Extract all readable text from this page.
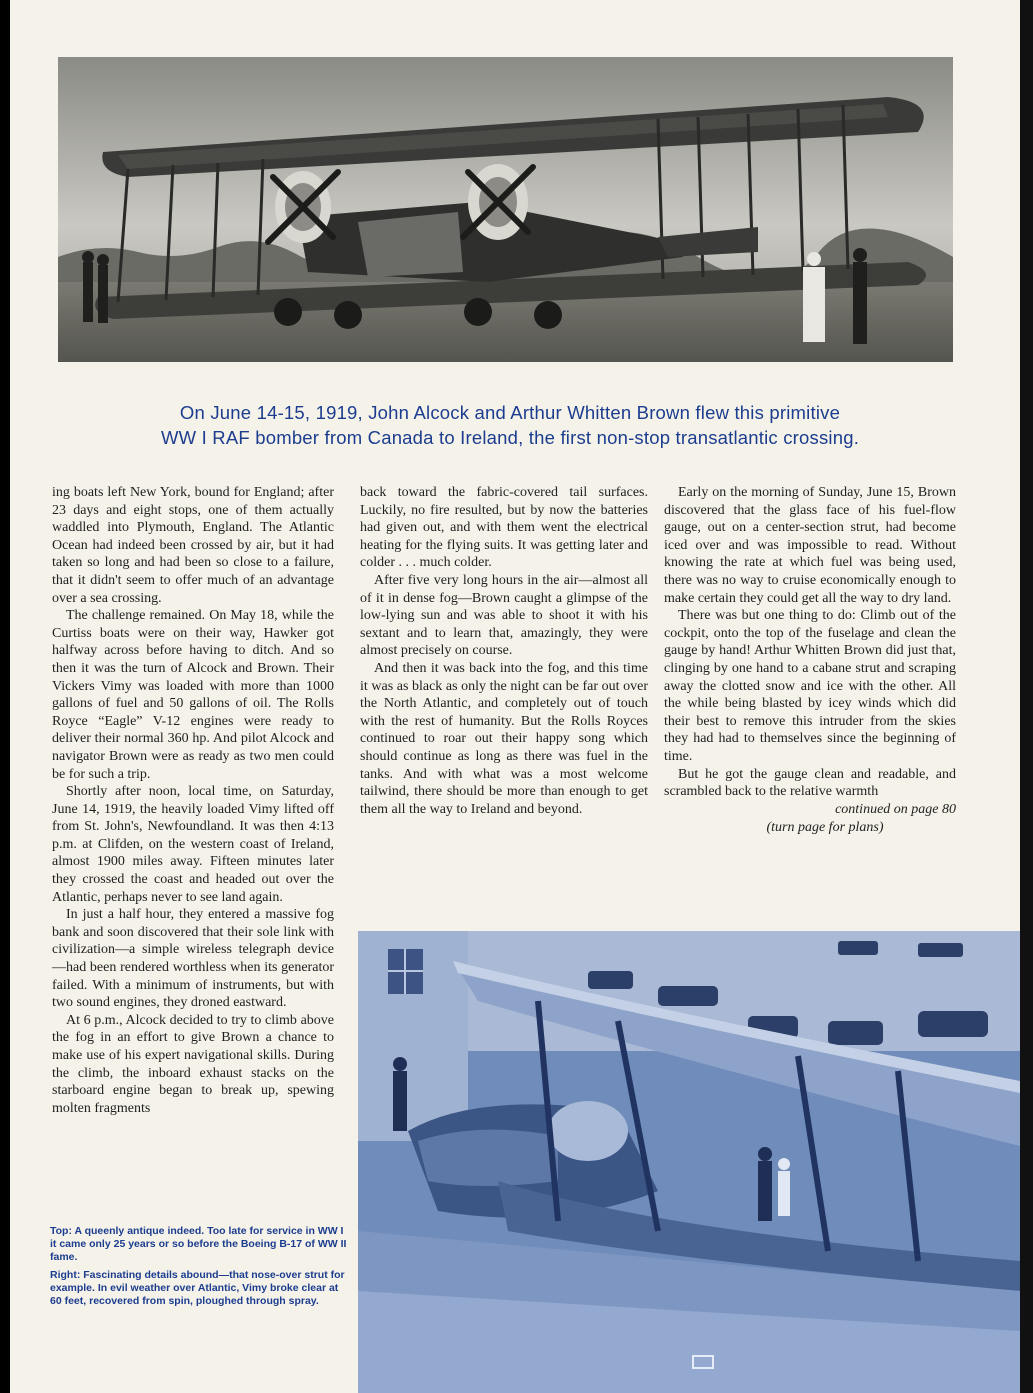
On June 14-15, 1919, John Alcock and Arthur Whitten Brown flew this primitive
WW I RAF bomber from Canada to Ireland, the first non-stop transatlantic crossing.

ing boats left New York, bound for England; after 23 days and eight stops, one of them actually waddled into Plymouth, England. The Atlantic Ocean had indeed been crossed by air, but it had taken so long and had been so close to a failure, that it didn't seem to offer much of an advantage over a sea crossing.

The challenge remained. On May 18, while the Curtiss boats were on their way, Hawker got halfway across before having to ditch. And so then it was the turn of Alcock and Brown. Their Vickers Vimy was loaded with more than 1000 gallons of fuel and 50 gallons of oil. The Rolls Royce “Eagle” V-12 engines were ready to deliver their normal 360 hp. And pilot Alcock and navigator Brown were as ready as two men could be for such a trip.

Shortly after noon, local time, on Saturday, June 14, 1919, the heavily loaded Vimy lifted off from St. John's, Newfoundland. It was then 4:13 p.m. at Clifden, on the western coast of Ireland, almost 1900 miles away. Fifteen minutes later they crossed the coast and headed out over the Atlantic, perhaps never to see land again.

In just a half hour, they entered a massive fog bank and soon discovered that their sole link with civilization—a simple wireless telegraph device—had been rendered worthless when its generator failed. With a minimum of instruments, but with two sound engines, they droned eastward.

At 6 p.m., Alcock decided to try to climb above the fog in an effort to give Brown a chance to make use of his expert navigational skills. During the climb, the inboard exhaust stacks on the starboard engine began to break up, spewing molten fragments

back toward the fabric-covered tail surfaces. Luckily, no fire resulted, but by now the batteries had given out, and with them went the electrical heating for the flying suits. It was getting later and colder . . . much colder.

After five very long hours in the air—almost all of it in dense fog—Brown caught a glimpse of the low-lying sun and was able to shoot it with his sextant and to learn that, amazingly, they were almost precisely on course.

And then it was back into the fog, and this time it was as black as only the night can be far out over the North Atlantic, and completely out of touch with the rest of humanity. But the Rolls Royces continued to roar out their happy song which should continue as long as there was fuel in the tanks. And with what was a most welcome tailwind, there should be more than enough to get them all the way to Ireland and beyond.

Early on the morning of Sunday, June 15, Brown discovered that the glass face of his fuel-flow gauge, out on a center-section strut, had become iced over and was impossible to read. Without knowing the rate at which fuel was being used, there was no way to cruise economically enough to make certain they could get all the way to dry land.

There was but one thing to do: Climb out of the cockpit, onto the top of the fuselage and clean the gauge by hand! Arthur Whitten Brown did just that, clinging by one hand to a cabane strut and scraping away the clotted snow and ice with the other. All the while being blasted by icey winds which did their best to remove this intruder from the skies they had had to themselves since the beginning of time.

But he got the gauge clean and readable, and scrambled back to the relative warmth

continued on page 80
(turn page for plans)

Top: A queenly antique indeed. Too late for service in WW I it came only 25 years or so before the Boeing B-17 of WW II fame.

Right: Fascinating details abound—that nose-over strut for example. In evil weather over Atlantic, Vimy broke clear at 60 feet, recovered from spin, ploughed through spray.
